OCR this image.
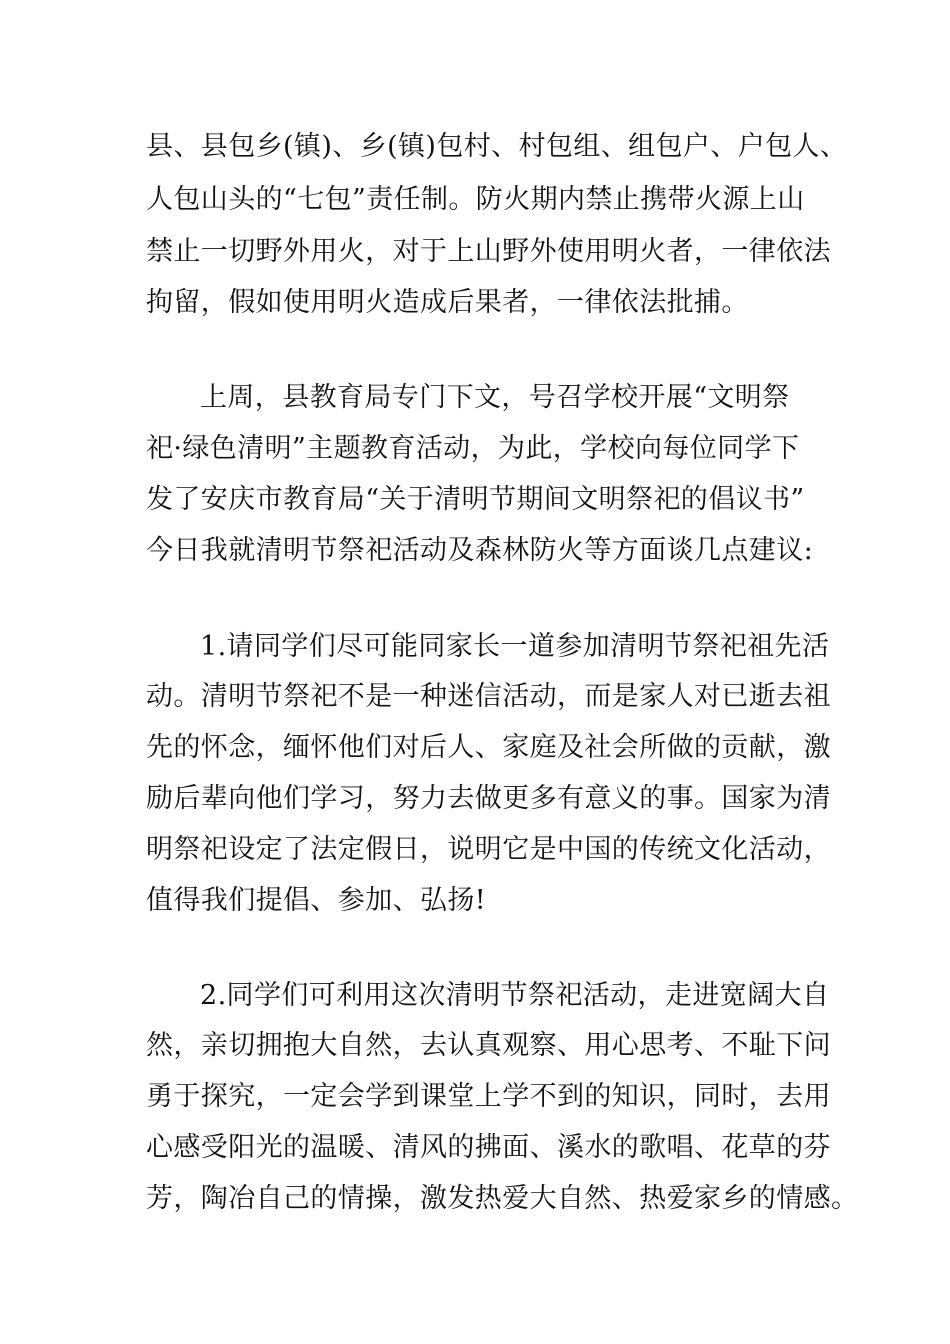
县、县包乡(镇)、乡(镇)包村、村包组、组包户、户包人、
人包山头的“七包”责任制。防火期内禁止携带火源上山
禁止一切野外用火，对于上山野外使用明火者，一律依法
拘留，假如使用明火造成后果者，一律依法批捕。
上周，县教育局专门下文，号召学校开展“文明祭
祀·绿色清明”主题教育活动，为此，学校向每位同学下
发了安庆市教育局“关于清明节期间文明祭祀的倡议书”
今日我就清明节祭祀活动及森林防火等方面谈几点建议:
1.请同学们尽可能同家长一道参加清明节祭祀祖先活
动。清明节祭祀不是一种迷信活动，而是家人对已逝去祖
先的怀念，缅怀他们对后人、家庭及社会所做的贡献，激
励后辈向他们学习，努力去做更多有意义的事。国家为清
明祭祀设定了法定假日，说明它是中国的传统文化活动，
值得我们提倡、参加、弘扬!
2.同学们可利用这次清明节祭祀活动，走进宽阔大自
然，亲切拥抱大自然，去认真观察、用心思考、不耻下问
勇于探究，一定会学到课堂上学不到的知识，同时，去用
心感受阳光的温暖、清风的拂面、溪水的歌唱、花草的芬
芳，陶冶自己的情操，激发热爱大自然、热爱家乡的情感。
